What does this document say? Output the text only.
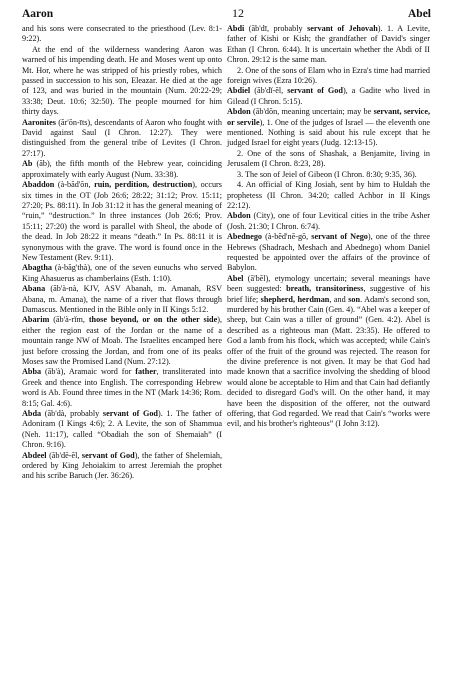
Aaron	12	Abel

and his sons were consecrated to the priesthood (Lev. 8:1-9:22).

At the end of the wilderness wandering Aaron was warned of his impending death. He and Moses went up onto Mt. Hor, where he was stripped of his priestly robes, which passed in succession to his son, Eleazar. He died at the age of 123, and was buried in the mountain (Num. 20:22-29; 33:38; Deut. 10:6; 32:50). The people mourned for him thirty days.

Aaronites (ăr'ŏn-īts), descendants of Aaron who fought with David against Saul (I Chron. 12:27). They were distinguished from the general tribe of Levites (I Chron. 27:17).

Ab (ăb), the fifth month of the Hebrew year, coinciding approximately with early August (Num. 33:38).

Abaddon (à-băd'ŏn, ruin, perdition, destruction), occurs six times in the OT (Job 26:6; 28:22; 31:12; Prov. 15:11; 27:20; Ps. 88:11). In Job 31:12 it has the general meaning of “ruin,” “destruction.” In three instances (Job 26:6; Prov. 15:11; 27:20) the word is parallel with Sheol, the abode of the dead. In Job 28:22 it means “death.” In Ps. 88:11 it is synonymous with the grave. The word is found once in the New Testament (Rev. 9:11).

Abagtha (à-băg'thà), one of the seven eunuchs who served King Ahasuerus as chamberlains (Esth. 1:10).

Abana (ăb'à-nà, KJV, ASV Abanah, m. Amanah, RSV Abana, m. Amana), the name of a river that flows through Damascus. Mentioned in the Bible only in II Kings 5:12.

Abarim (ăb'à-rĭm, those beyond, or on the other side), either the region east of the Jordan or the name of a mountain range NW of Moab. The Israelites encamped here just before crossing the Jordan, and from one of its peaks Moses saw the Promised Land (Num. 27:12).

Abba (ăb'à), Aramaic word for father, transliterated into Greek and thence into English. The corresponding Hebrew word is Ab. Found three times in the NT (Mark 14:36; Rom. 8:15; Gal. 4:6).

Abda (ăb'dà, probably servant of God). 1. The father of Adoniram (I Kings 4:6); 2. A Levite, the son of Shammua (Neh. 11:17), called “Obadiah the son of Shemaiah” (I Chron. 9:16).

Abdeel (ăb'dē-ĕl, servant of God), the father of Shelemiah, ordered by King Jehoiakim to arrest Jeremiah the prophet and his scribe Baruch (Jer. 36:26).

Abdi (ăb'dī, probably servant of Jehovah). 1. A Levite, father of Kishi or Kish; the grandfather of David's singer Ethan (I Chron. 6:44). It is uncertain whether the Abdi of II Chron. 29:12 is the same man.

2. One of the sons of Elam who in Ezra's time had married foreign wives (Ezra 10:26).

Abdiel (ăb'dĭ-ĕl, servant of God), a Gadite who lived in Gilead (I Chron. 5:15).

Abdon (ăb'dŏn, meaning uncertain; may be servant, service, or servile), 1. One of the judges of Israel — the eleventh one mentioned. Nothing is said about his rule except that he judged Israel for eight years (Judg. 12:13-15).

2. One of the sons of Shashak, a Benjamite, living in Jerusalem (I Chron. 8:23, 28).

3. The son of Jeiel of Gibeon (I Chron. 8:30; 9:35, 36).

4. An official of King Josiah, sent by him to Huldah the prophetess (II Chron. 34:20; called Achbor in II Kings 22:12).

Abdon (City), one of four Levitical cities in the tribe Asher (Josh. 21:30; I Chron. 6:74).

Abednego (à-bĕd'nē-gō, servant of Nego), one of the three Hebrews (Shadrach, Meshach and Abednego) whom Daniel requested be appointed over the affairs of the province of Babylon.

Abel (ā'bĕl), etymology uncertain; several meanings have been suggested: breath, transitoriness, suggestive of his brief life; shepherd, herdman, and son. Adam's second son, murdered by his brother Cain (Gen. 4). “Abel was a keeper of sheep, but Cain was a tiller of ground” (Gen. 4:2). Abel is described as a righteous man (Matt. 23:35). He offered to God a lamb from his flock, which was accepted; while Cain's offer of the fruit of the ground was rejected. The reason for the divine preference is not given. It may be that God had made known that a sacrifice involving the shedding of blood would alone be acceptable to Him and that Cain had defiantly decided to disregard God's will. On the other hand, it may have been the disposition of the offerer, not the outward offering, that God regarded. We read that Cain's “works were evil, and his brother's righteous” (I John 3:12).
